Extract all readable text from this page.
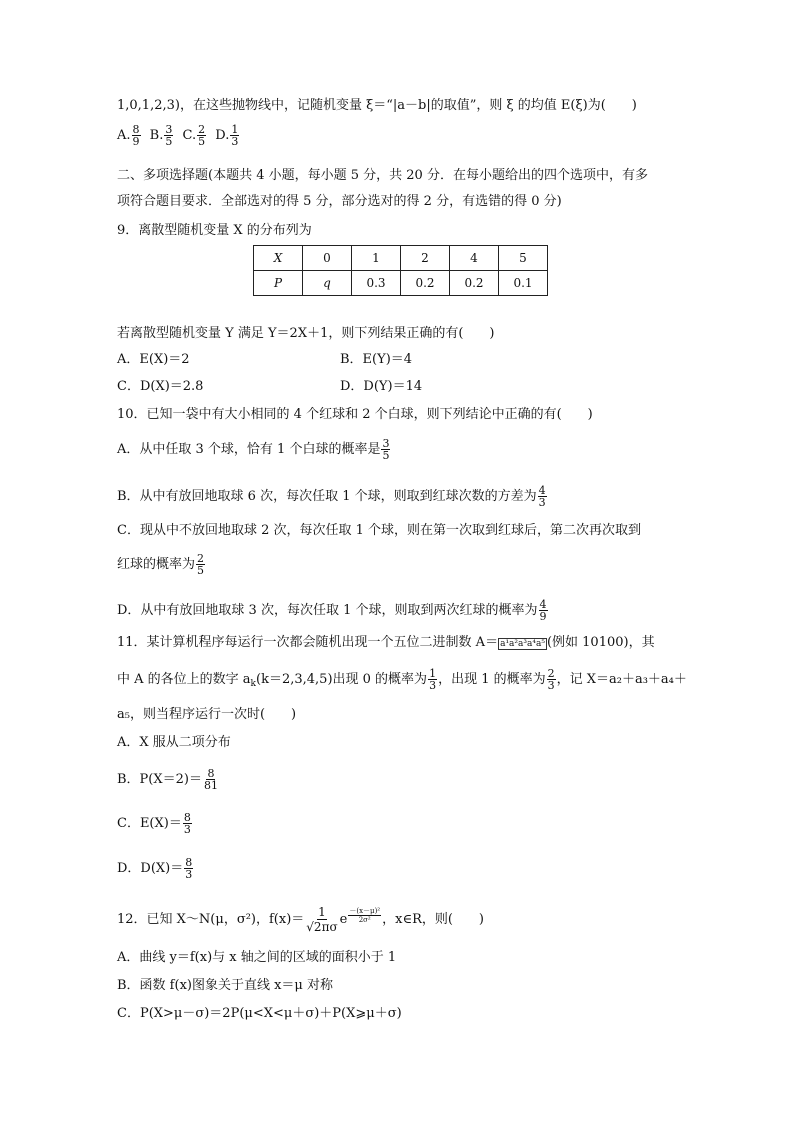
1,0,1,2,3)，在这些抛物线中，记随机变量 ξ＝“|a－b|的取值”，则 ξ 的均值 E(ξ)为(　　)
A. $\frac{8}{9} B$. $\frac{3}{5} C$. $\frac{2}{5} D$. $\frac{1}{3}$
二、多项选择题(本题共 4 小题，每小题 5 分，共 20 分．在每小题给出的四个选项中，有多
项符合题目要求．全部选对的得 5 分，部分选对的得 2 分，有选错的得 0 分)
9．离散型随机变量 X 的分布列为
X	0	1	2	4	5
P	q	0.3	0.2	0.2	0.1
若离散型随机变量 Y 满足 Y＝2X＋1，则下列结果正确的有(　　)
A．E(X)＝2	B．E(Y)＝4
C．D(X)＝2.8	D．D(Y)＝14
10．已知一袋中有大小相同的 4 个红球和 2 个白球，则下列结论中正确的有(　　)
A．从中任取 3 个球，恰有 1 个白球的概率是 $\frac{3}{5}$
B．从中有放回地取球 6 次，每次任取 1 个球，则取到红球次数的方差为 $\frac{4}{3}$
C．现从中不放回地取球 2 次，每次任取 1 个球，则在第一次取到红球后，第二次再次取到
红球的概率为 $\frac{2}{5}$
D．从中有放回地取球 3 次，每次任取 1 个球，则取到两次红球的概率为 $\frac{4}{9}$
11．某计算机程序每运行一次都会随机出现一个五位二进制数 A＝ a¹a²a³a⁴a⁵ (例如 10100)，其
中 A 的各位上的数字 $a_k(k=2,3,4,5)$出现 0 的概率为 $\frac{1}{3}$ ，出现 1 的概率为 $\frac{2}{3}$ ，记 X＝a₂＋a₃＋a₄＋
a₅，则当程序运行一次时(　　)
A．X 服从二项分布
B．$P(X=2)= \frac{8}{81}$
C．$E(X)= \frac{8}{3}$
D．$D(X)= \frac{8}{3}$
12．已知 X～N(μ，σ²)，$f(x)= \frac{1}{√2\pi\sigma}$ e $\frac{\text{－(x－μ)²}}{\text{2σ²}}$ ，x∈R，则(　　)
A．曲线 y＝f(x)与 x 轴之间的区域的面积小于 1
B．函数 f(x)图象关于直线 x＝μ 对称
C．P(X>μ－σ)＝2P(μ<X<μ＋σ)＋P(X⩾μ＋σ)
